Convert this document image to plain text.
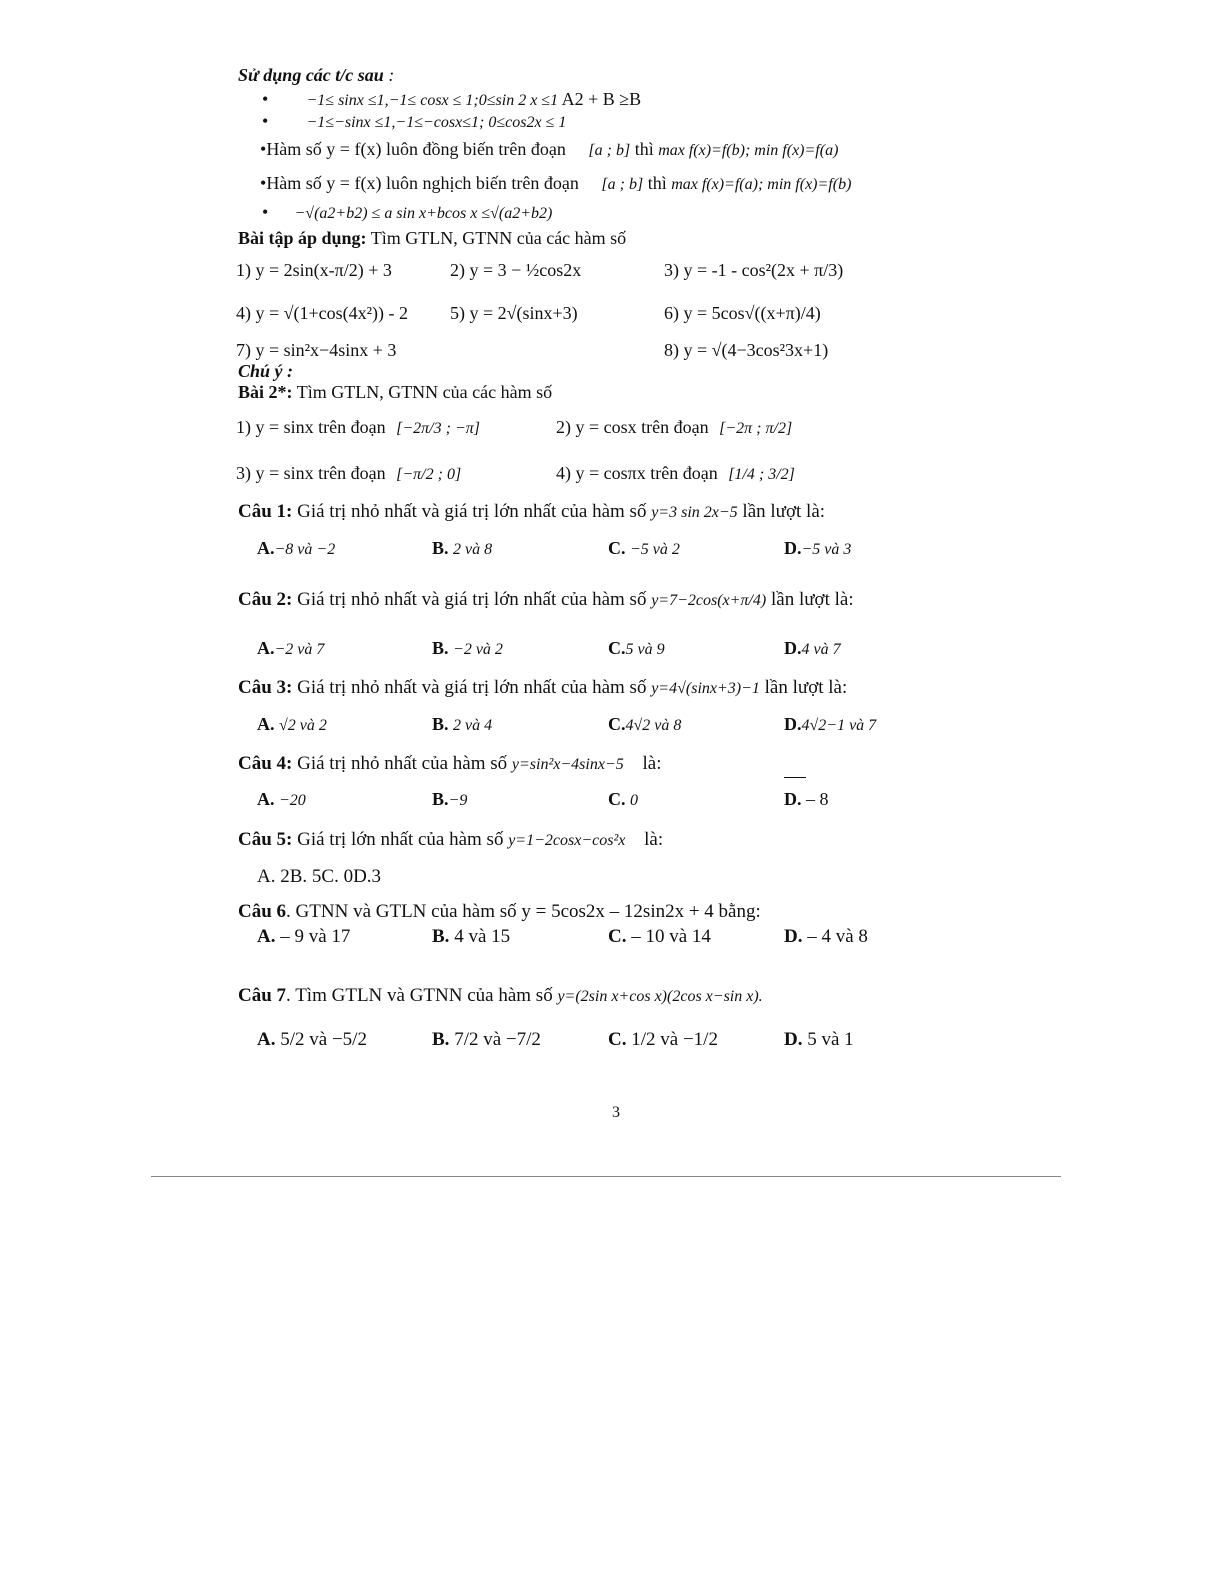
Sử dụng các t/c sau :
• −1≤ sinx ≤1,−1≤ cosx ≤ 1;0≤sin 2 x ≤1 A2 + B ≥B
• −1≤−sinx ≤1,−1≤−cosx≤1; 0≤cos2x ≤ 1
•Hàm số y = f(x) luôn đồng biến trên đoạn [a ; b] thì max f(x)=f(b); min f(x)=f(a)
•Hàm số y = f(x) luôn nghịch biến trên đoạn [a ; b] thì max f(x)=f(a); min f(x)=f(b)
• −√(a2+b2) ≤ a sin x+bcos x ≤√(a2+b2)
Bài tập áp dụng: Tìm GTLN, GTNN của các hàm số
1) y = 2sin(x-π/2) + 3	2) y = 3 − ½cos2x	3) y = -1 - cos²(2x + π/3)
4) y = √(1+cos(4x²)) - 2 5) y = 2√(sinx+3)	6) y = 5cos√((x+π)/4)
7) y = sin²x−4sinx + 3	8) y = √(4−3cos²3x+1)
Chú ý :
Bài 2*: Tìm GTLN, GTNN của các hàm số
1) y = sinx trên đoạn [−2π/3 ; −π]	2) y = cosx trên đoạn [−2π ; π/2]
3) y = sinx trên đoạn [−π/2 ; 0]	4) y = cosπx trên đoạn [1/4 ; 3/2]
Câu 1: Giá trị nhỏ nhất và giá trị lớn nhất của hàm số y=3 sin 2x−5 lần lượt là:
A.−8 và −2	B. 2 và 8	C. −5 và 2	D.−5 và 3
Câu 2: Giá trị nhỏ nhất và giá trị lớn nhất của hàm số y=7−2cos(x+π/4) lần lượt là:
A.−2 và 7	B. −2 và 2	C.5 và 9	D.4 và 7
Câu 3: Giá trị nhỏ nhất và giá trị lớn nhất của hàm số y=4√(sinx+3)−1 lần lượt là:
A. √2 và 2	B. 2 và 4	C.4√2 và 8	D.4√2−1 và 7
Câu 4: Giá trị nhỏ nhất của hàm số y=sin²x−4sinx−5 là:
A. −20	B.−9	C. 0	D. – 8
Câu 5: Giá trị lớn nhất của hàm số y=1−2cosx−cos²x là:
A. 2B. 5C. 0D.3
Câu 6. GTNN và GTLN của hàm số y = 5cos2x – 12sin2x + 4 bằng:
A. – 9 và 17	B. 4 và 15	C. – 10 và 14	D. – 4 và 8
Câu 7. Tìm GTLN và GTNN của hàm số y=(2sin x+cos x)(2cos x−sin x).
A. 5/2 và −5/2	B. 7/2 và −7/2	C. 1/2 và −1/2	D. 5 và 1
3
